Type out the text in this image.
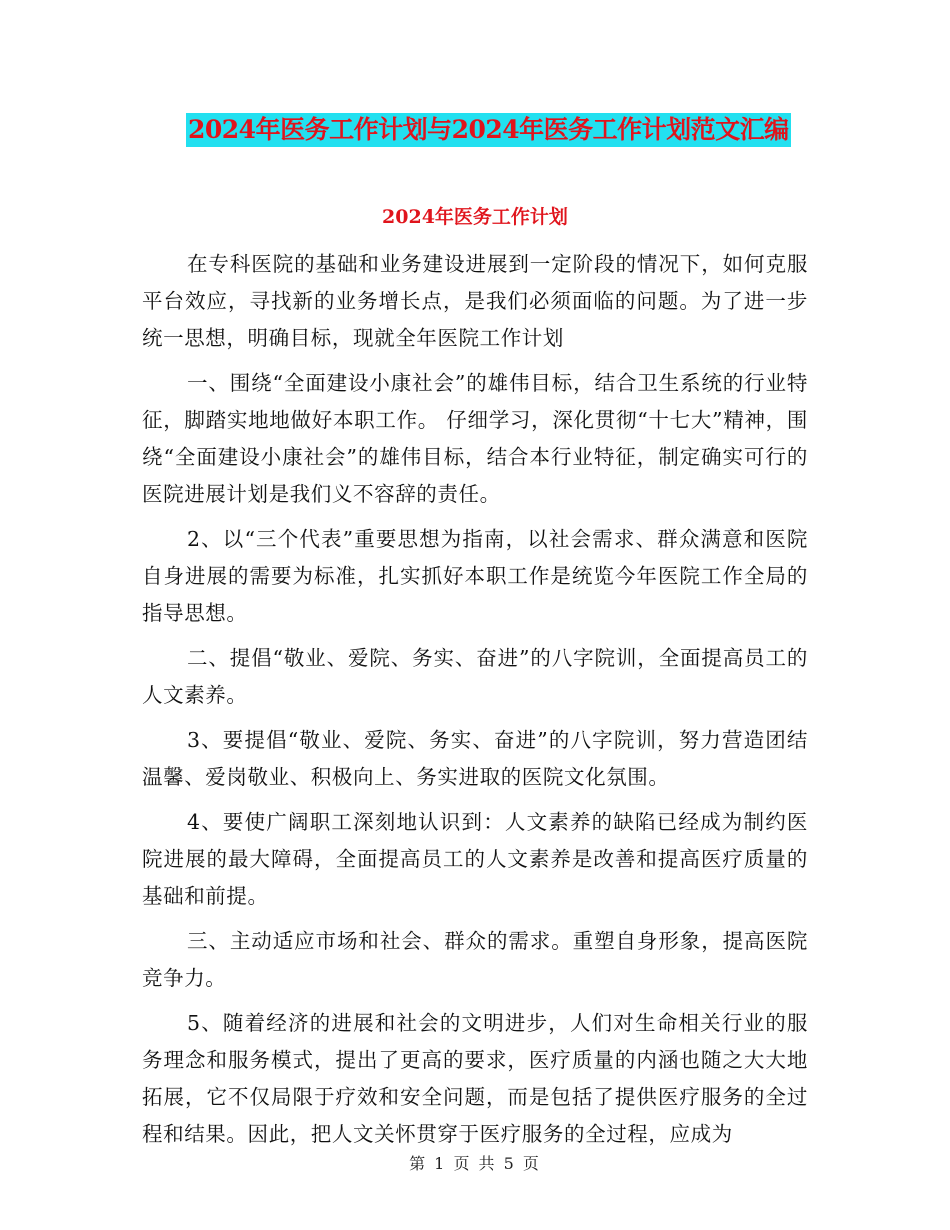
2024年医务工作计划与2024年医务工作计划范文汇编
2024年医务工作计划

在专科医院的基础和业务建设进展到一定阶段的情况下，如何克服平台效应，寻找新的业务增长点，是我们必须面临的问题。为了进一步统一思想，明确目标，现就全年医院工作计划

一、围绕“全面建设小康社会”的雄伟目标，结合卫生系统的行业特征，脚踏实地地做好本职工作。 仔细学习，深化贯彻“十七大”精神，围绕“全面建设小康社会”的雄伟目标，结合本行业特征，制定确实可行的医院进展计划是我们义不容辞的责任。

2、以“三个代表”重要思想为指南，以社会需求、群众满意和医院自身进展的需要为标准，扎实抓好本职工作是统览今年医院工作全局的指导思想。

二、提倡“敬业、爱院、务实、奋进”的八字院训，全面提高员工的人文素养。

3、要提倡“敬业、爱院、务实、奋进”的八字院训，努力营造团结温馨、爱岗敬业、积极向上、务实进取的医院文化氛围。

4、要使广阔职工深刻地认识到：人文素养的缺陷已经成为制约医院进展的最大障碍，全面提高员工的人文素养是改善和提高医疗质量的基础和前提。

三、主动适应市场和社会、群众的需求。重塑自身形象，提高医院竞争力。

5、随着经济的进展和社会的文明进步，人们对生命相关行业的服务理念和服务模式，提出了更高的要求，医疗质量的内涵也随之大大地拓展，它不仅局限于疗效和安全问题，而是包括了提供医疗服务的全过程和结果。因此，把人文关怀贯穿于医疗服务的全过程，应成为

第 1 页 共 5 页
